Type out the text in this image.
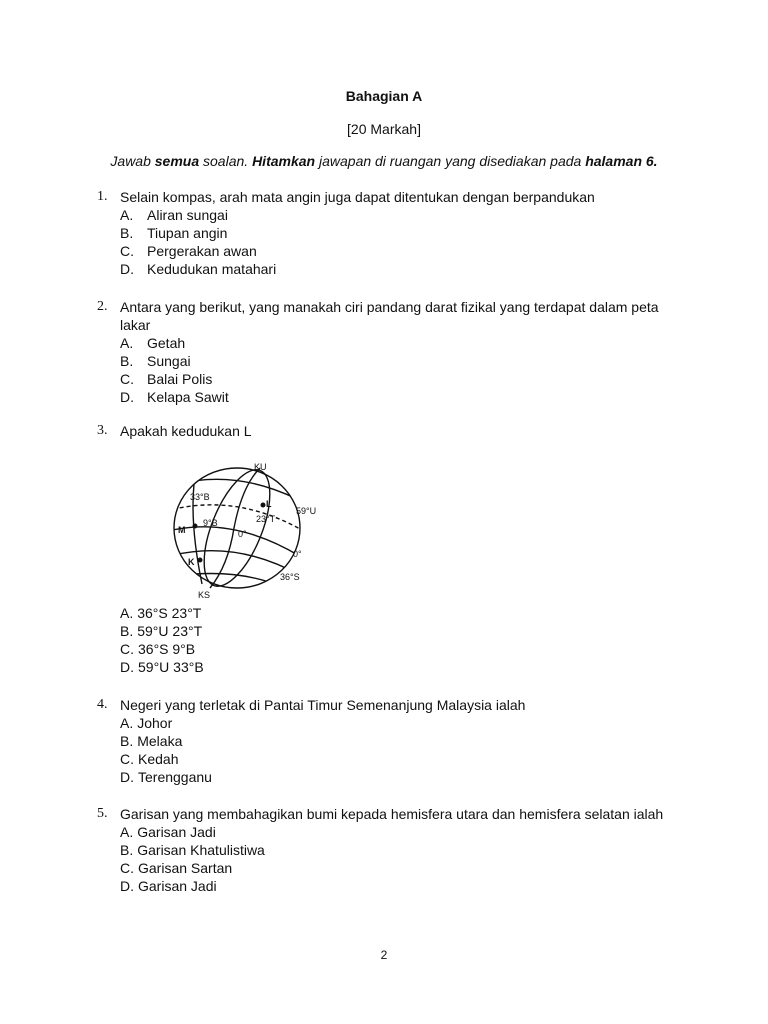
Bahagian A
[20 Markah]
Jawab semua soalan. Hitamkan jawapan di ruangan yang disediakan pada halaman 6.
1. Selain kompas, arah mata angin juga dapat ditentukan dengan berpandukan
A. Aliran sungai
B. Tiupan angin
C. Pergerakan awan
D. Kedudukan matahari
2. Antara yang berikut, yang manakah ciri pandang darat fizikal yang terdapat dalam peta lakar
A. Getah
B. Sungai
C. Balai Polis
D. Kelapa Sawit
3. Apakah kedudukan L
KU
KS
L
M
K
33°B
9°B	23°T
0°
59°U
0°
36°S
A. 36°S 23°T
B. 59°U 23°T
C. 36°S 9°B
D. 59°U 33°B
4. Negeri yang terletak di Pantai Timur Semenanjung Malaysia ialah
A. Johor
B. Melaka
C. Kedah
D. Terengganu
5. Garisan yang membahagikan bumi kepada hemisfera utara dan hemisfera selatan ialah
A. Garisan Jadi
B. Garisan Khatulistiwa
C. Garisan Sartan
D. Garisan Jadi
2
